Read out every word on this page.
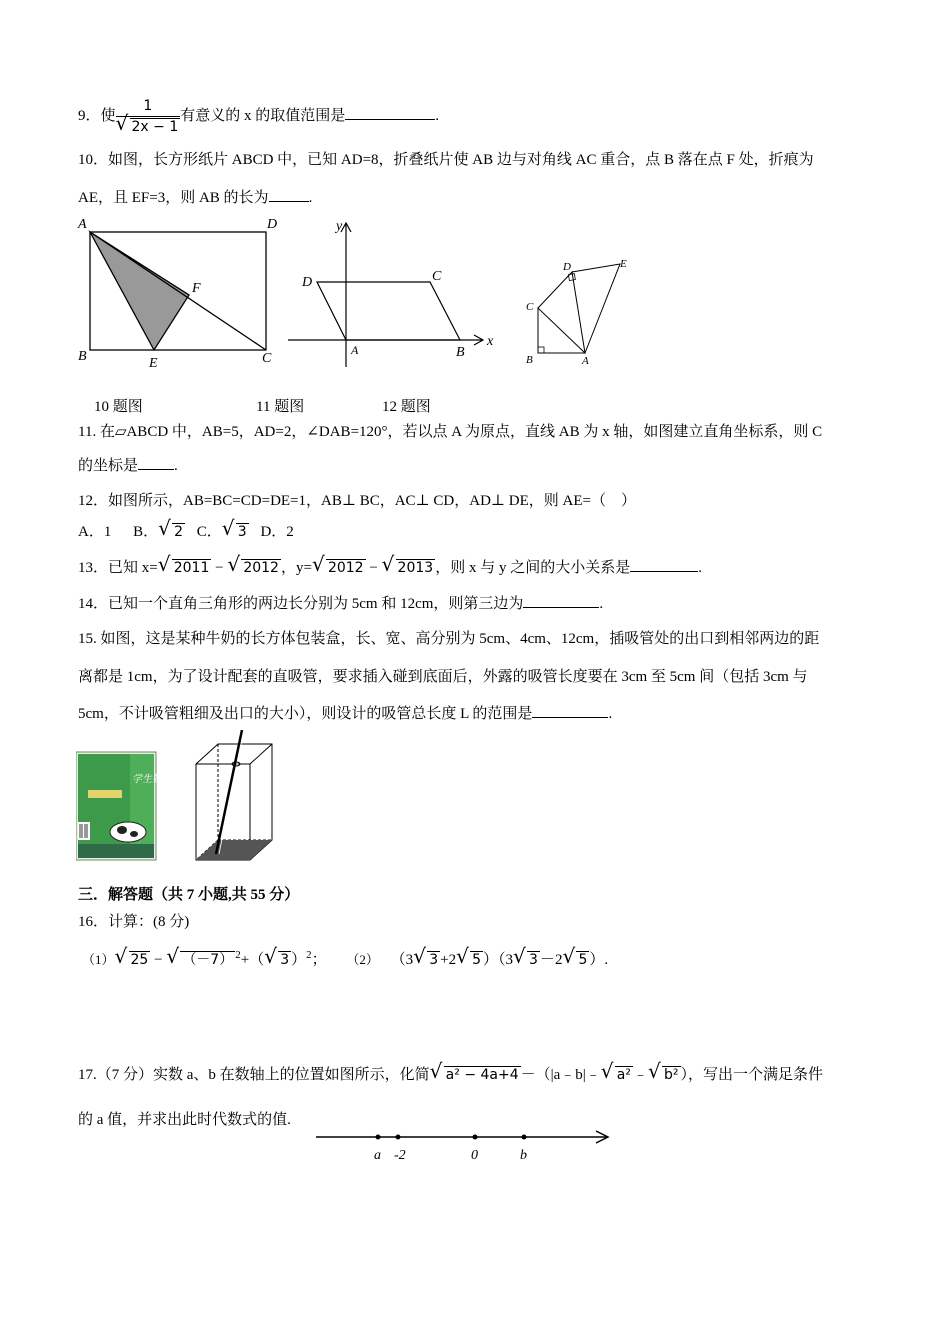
9．使 $\frac{1}{√ 2x - 1}$ 有意义的 x 的取值范围是	.
10．如图，长方形纸片 ABCD 中，已知 AD=8，折叠纸片使 AB 边与对角线 AC 重合，点 B 落在点 F 处，折痕为
AE，且 EF=3，则 AB 的长为	.
A	D
B	C
E
F	D	C
A	B
x
y
A
B
C
D	E
10 题图	11 题图	12 题图
11. 在▱ABCD 中，AB=5，AD=2，∠DAB=120°，若以点 A 为原点，直线 AB 为 x 轴，如图建立直角坐标系，则 C
的坐标是 .
12．如图所示，AB=BC=CD=DE=1，AB⊥ BC，AC⊥ CD，AD⊥ DE，则 AE=（　）
A．1 B． √ 2 C． √ 3 D．2
13．已知 x= √ 2011 − √ 2012 ，y= √ 2012 − √ 2013 ，则 x 与 y 之间的大小关系是	.
14．已知一个直角三角形的两边长分别为 5cm 和 12cm，则第三边为	.
15. 如图，这是某种牛奶的长方体包装盒，长、宽、高分别为 5cm、4cm、12cm，插吸管处的出口到相邻两边的距
离都是 1cm，为了设计配套的直吸管，要求插入碰到底面后，外露的吸管长度要在 3cm 至 5cm 间（包括 3cm 与
5cm，不计吸管粗细及出口的大小），则设计的吸管总长度 L 的范围是	.
学生奶
三．解答题（共 7 小题,共 55 分）
16．计算：(8 分)
（1） √ 25 − √ （－7） $^2$+（ √ 3 ）$^2$； （2） （3 √ 3 +2 √ 5 ）（3 √ 3 －2 √ 5 ）.
17.（7 分）实数 a、b 在数轴上的位置如图所示，化简 √ a² − 4a+4 －（|a﹣b|﹣ √ a² ﹣ √ b² ），写出一个满足条件
的 a 值，并求出此时代数式的值.
a -2	0	b
